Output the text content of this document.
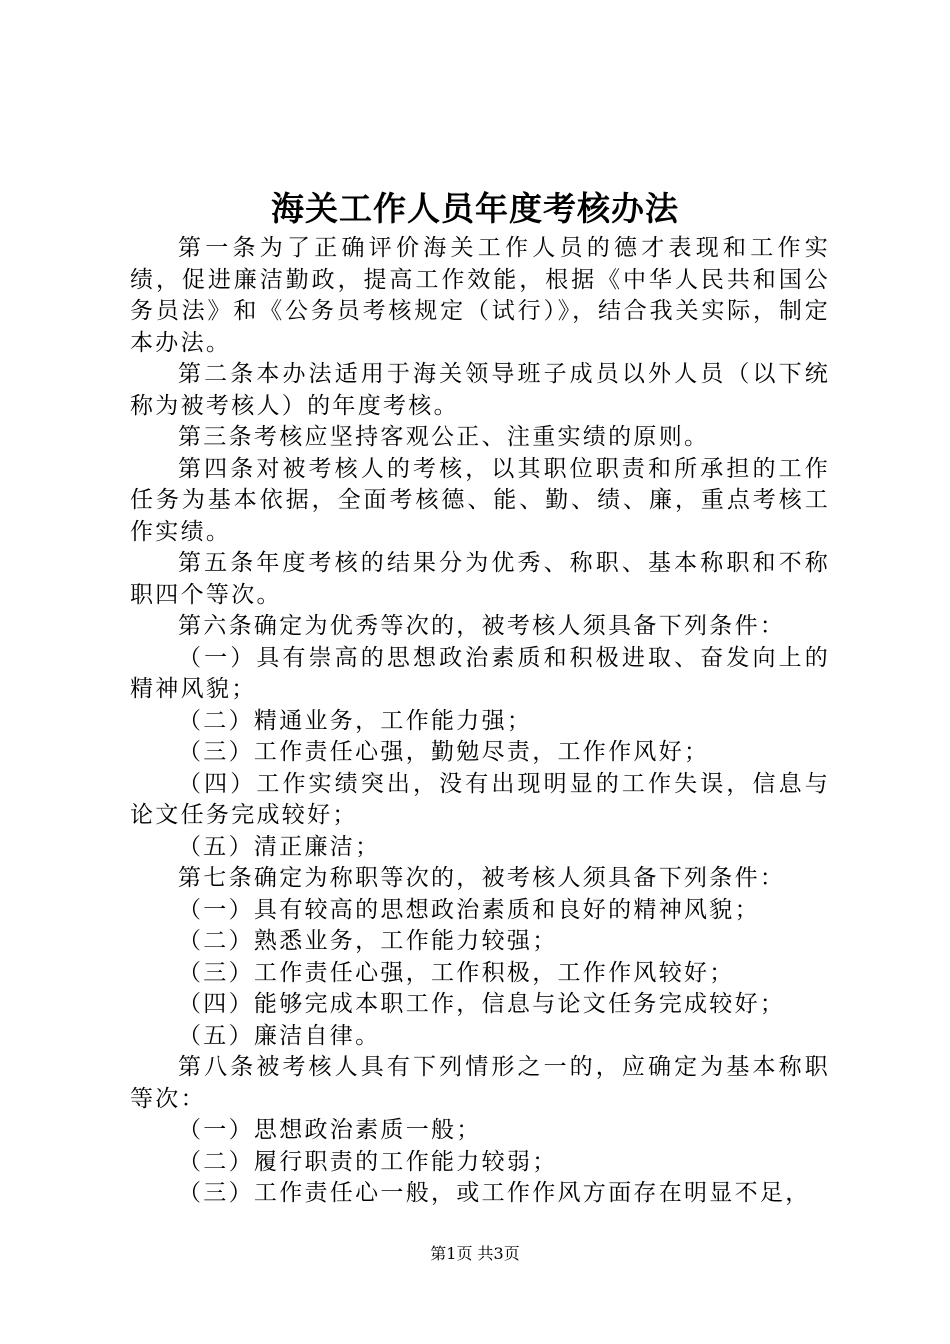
海关工作人员年度考核办法

第一条为了正确评价海关工作人员的德才表现和工作实绩，促进廉洁勤政，提高工作效能，根据《中华人民共和国公务员法》和《公务员考核规定（试行）》，结合我关实际，制定本办法。

第二条本办法适用于海关领导班子成员以外人员（以下统称为被考核人）的年度考核。

第三条考核应坚持客观公正、注重实绩的原则。

第四条对被考核人的考核，以其职位职责和所承担的工作任务为基本依据，全面考核德、能、勤、绩、廉，重点考核工作实绩。

第五条年度考核的结果分为优秀、称职、基本称职和不称职四个等次。

第六条确定为优秀等次的，被考核人须具备下列条件：

（一）具有崇高的思想政治素质和积极进取、奋发向上的精神风貌；

（二）精通业务，工作能力强；

（三）工作责任心强，勤勉尽责，工作作风好；

（四）工作实绩突出，没有出现明显的工作失误，信息与论文任务完成较好；

（五）清正廉洁；

第七条确定为称职等次的，被考核人须具备下列条件：

（一）具有较高的思想政治素质和良好的精神风貌；

（二）熟悉业务，工作能力较强；

（三）工作责任心强，工作积极，工作作风较好；

（四）能够完成本职工作，信息与论文任务完成较好；

（五）廉洁自律。

第八条被考核人具有下列情形之一的，应确定为基本称职等次：

（一）思想政治素质一般；

（二）履行职责的工作能力较弱；

（三）工作责任心一般，或工作作风方面存在明显不足，

第1页 共3页
